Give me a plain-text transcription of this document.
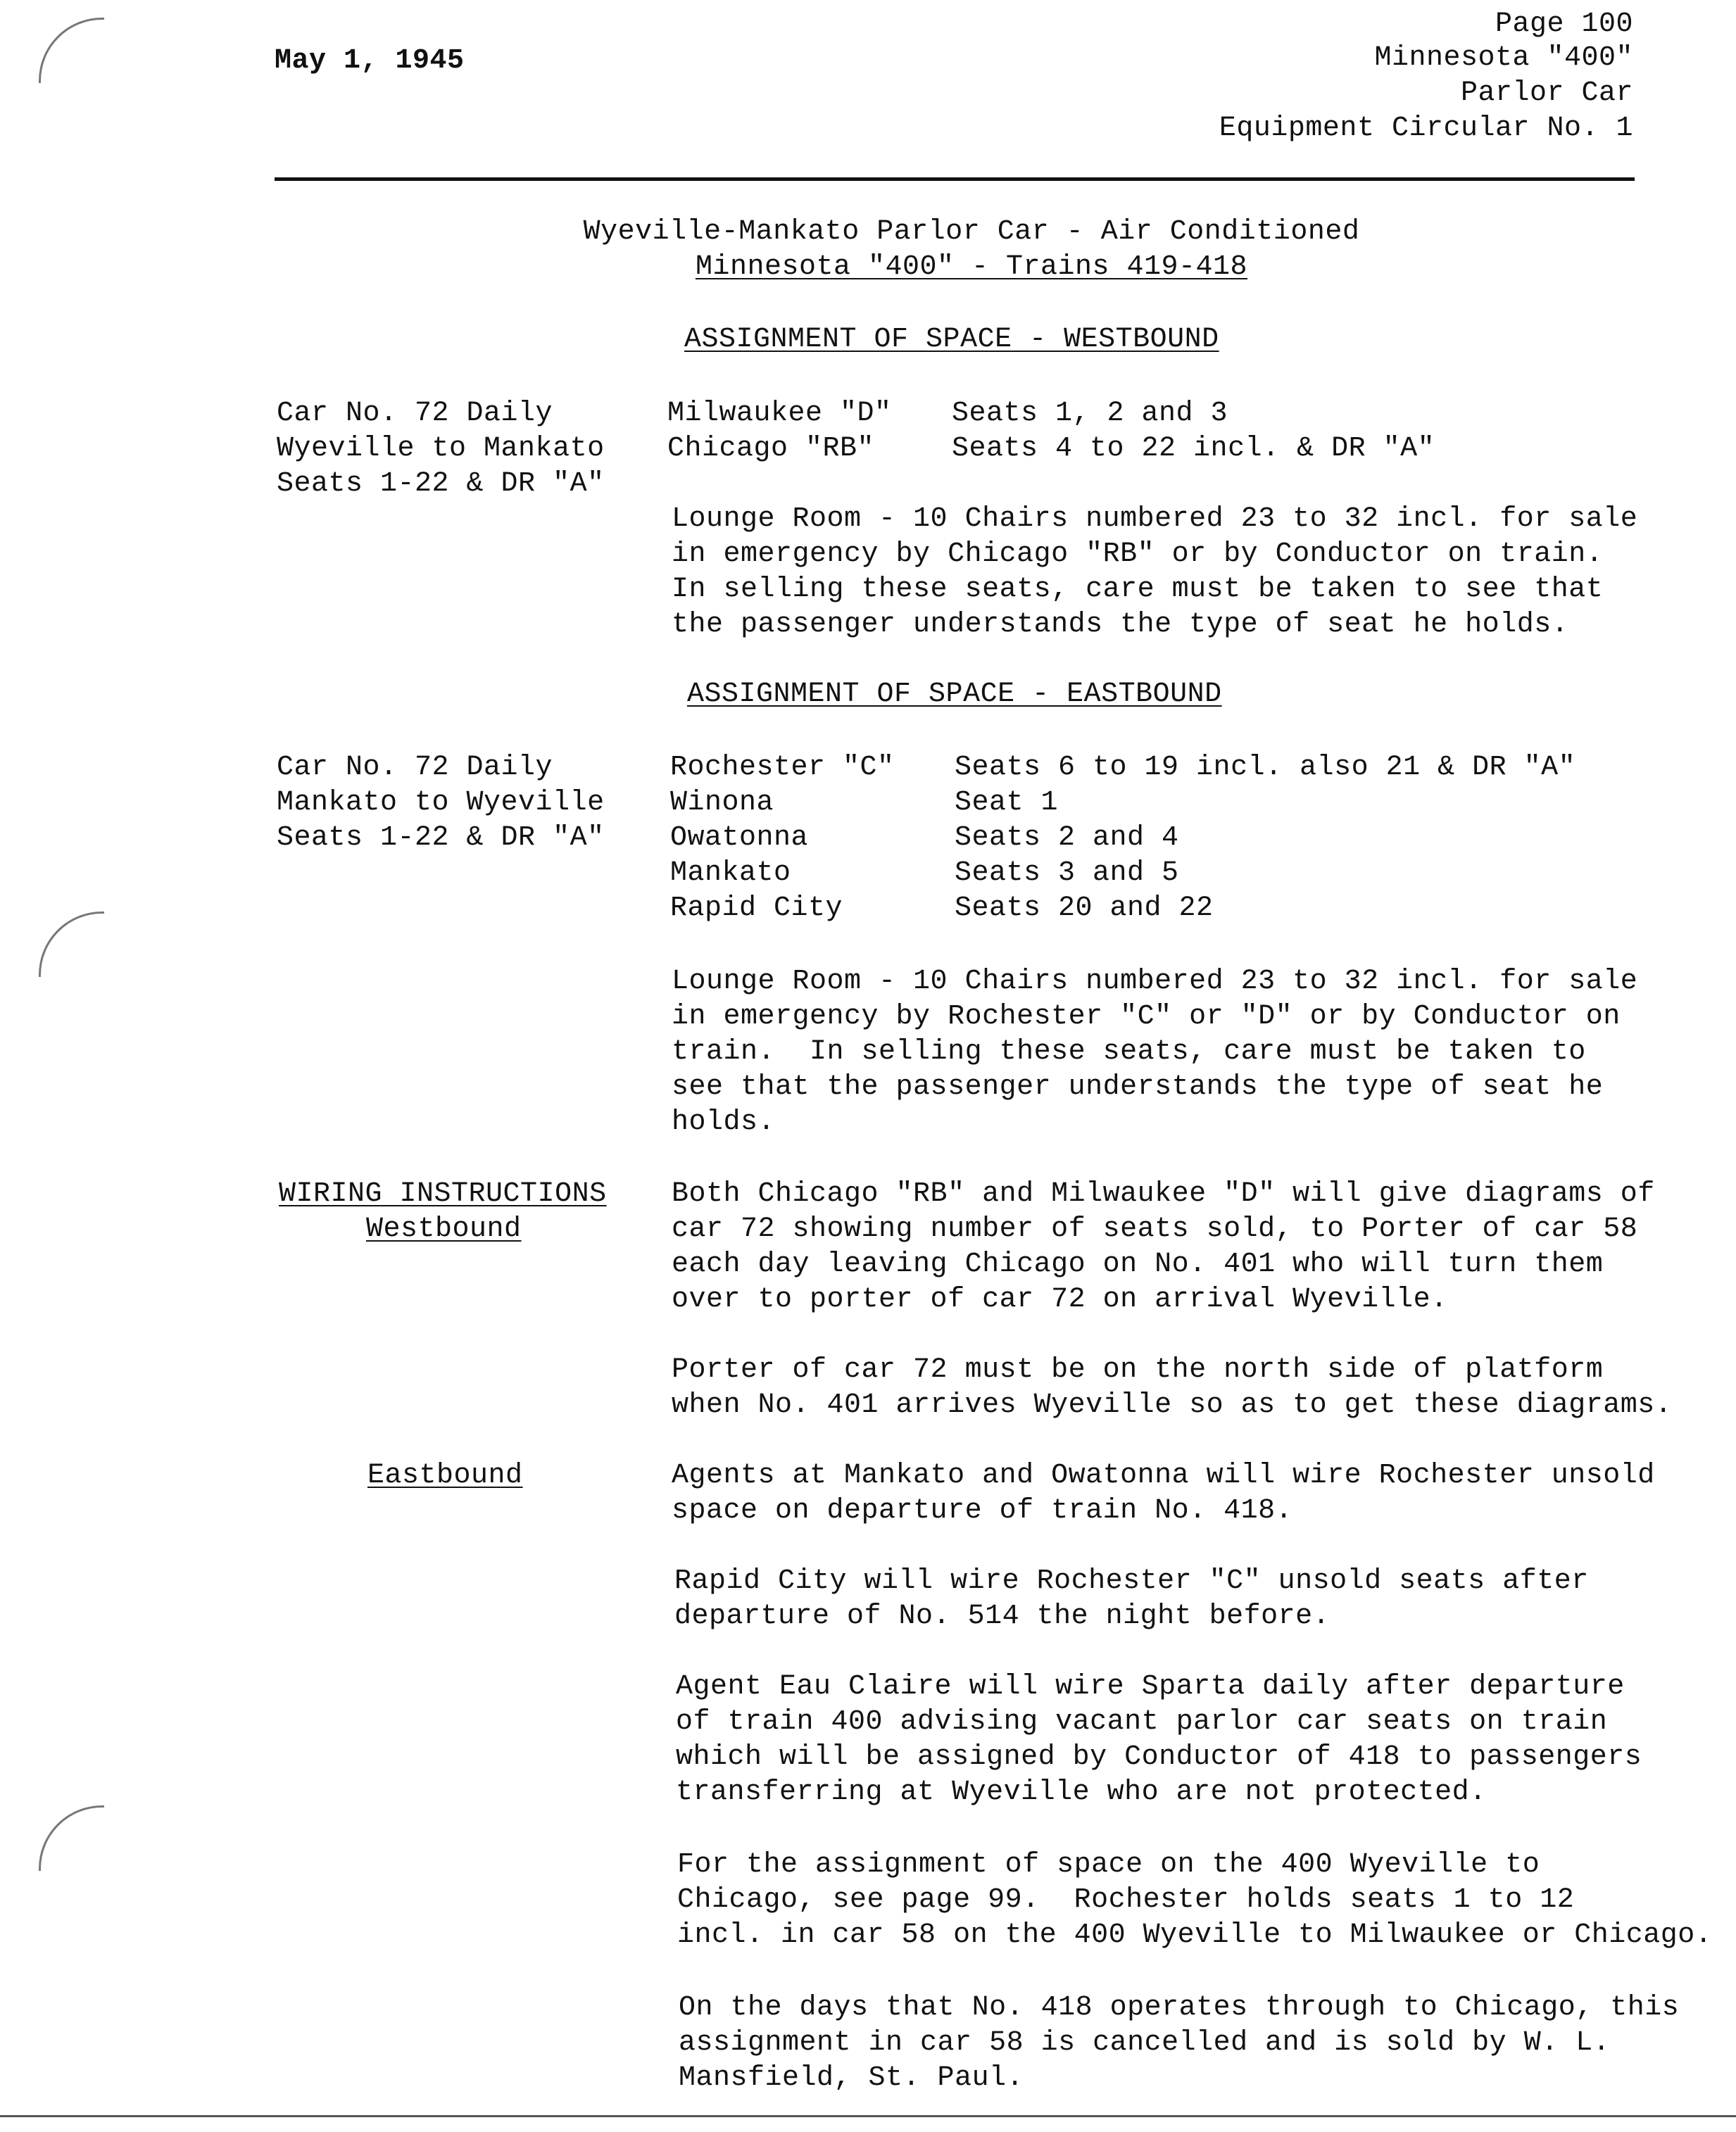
May 1, 1945
Page 100
Minnesota "400"
Parlor Car
Equipment Circular No. 1
Wyeville-Mankato Parlor Car - Air Conditioned
Minnesota "400" - Trains 419-418
ASSIGNMENT OF SPACE - WESTBOUND
Car No. 72 Daily
Wyeville to Mankato
Seats 1-22 & DR "A"
Milwaukee "D"
Chicago "RB"
Seats 1, 2 and 3
Seats 4 to 22 incl. & DR "A"
Lounge Room - 10 Chairs numbered 23 to 32 incl. for sale
in emergency by Chicago "RB" or by Conductor on train.
In selling these seats, care must be taken to see that
the passenger understands the type of seat he holds.
ASSIGNMENT OF SPACE - EASTBOUND
Car No. 72 Daily
Mankato to Wyeville
Seats 1-22 & DR "A"
Rochester "C"
Winona
Owatonna
Mankato
Rapid City
Seats 6 to 19 incl. also 21 & DR "A"
Seat 1
Seats 2 and 4
Seats 3 and 5
Seats 20 and 22
Lounge Room - 10 Chairs numbered 23 to 32 incl. for sale
in emergency by Rochester "C" or "D" or by Conductor on
train.  In selling these seats, care must be taken to
see that the passenger understands the type of seat he
holds.
WIRING INSTRUCTIONS
Westbound
Both Chicago "RB" and Milwaukee "D" will give diagrams of
car 72 showing number of seats sold, to Porter of car 58
each day leaving Chicago on No. 401 who will turn them
over to porter of car 72 on arrival Wyeville.
Porter of car 72 must be on the north side of platform
when No. 401 arrives Wyeville so as to get these diagrams.
Eastbound	Agents at Mankato and Owatonna will wire Rochester unsold
space on departure of train No. 418.
Rapid City will wire Rochester "C" unsold seats after
departure of No. 514 the night before.
Agent Eau Claire will wire Sparta daily after departure
of train 400 advising vacant parlor car seats on train
which will be assigned by Conductor of 418 to passengers
transferring at Wyeville who are not protected.
For the assignment of space on the 400 Wyeville to
Chicago, see page 99.  Rochester holds seats 1 to 12
incl. in car 58 on the 400 Wyeville to Milwaukee or Chicago.
On the days that No. 418 operates through to Chicago, this
assignment in car 58 is cancelled and is sold by W. L.
Mansfield, St. Paul.
